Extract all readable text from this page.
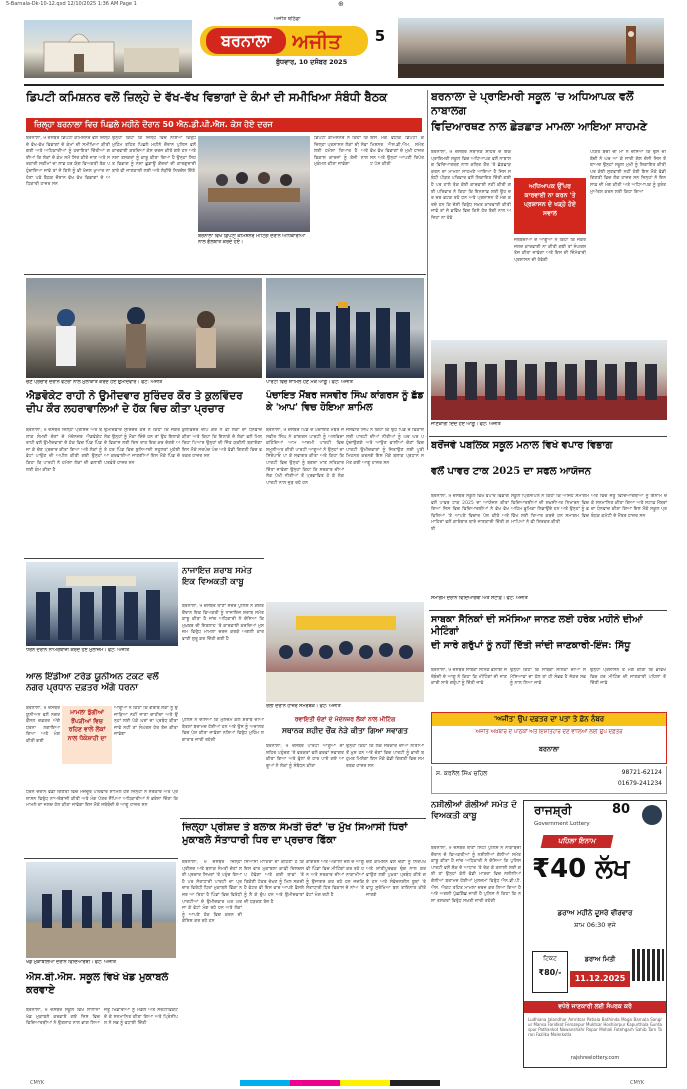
5-Barnala-Dk-10-12.qxd 12/10/2025 1:36 AM Page 1	⊕
ਅਜੀਤ ਬਠਿੰਡਾ
ਬਰਨਾਲਾ	ਅਜੀਤ
ਬੁੱਧਵਾਰ, 10 ਦਸੰਬਰ 2025
5
ਡਿਪਟੀ ਕਮਿਸ਼ਨਰ ਵਲੋਂ ਜ਼ਿਲ੍ਹੇ ਦੇ ਵੱਖ-ਵੱਖ ਵਿਭਾਗਾਂ ਦੇ ਕੰਮਾਂ ਦੀ ਸਮੀਖਿਆ ਸੰਬੰਧੀ ਬੈਠਕ
ਜ਼ਿਲ੍ਹਾ ਬਰਨਾਲਾ ਵਿਚ ਪਿਛਲੇ ਮਹੀਨੇ ਦੌਰਾਨ 50 ਐਨ.ਡੀ.ਪੀ.ਐਸ. ਕੇਸ ਹੋਏ ਦਰਜ
ਬਰਨਾਲਾ, 9 ਦਸੰਬਰ ਡਿਪਟੀ ਕਮਿਸ਼ਨਰ ਵਲੋਂ ਜ਼ਿਲ੍ਹੇ ਦੇ ਵੱਖ-ਵੱਖ ਵਿਭਾਗਾਂ ਦੇ ਕੰਮਾਂ ਦੀ ਸਮੀਖਿਆ ਕੀਤੀ ਗਈ ਅਤੇ ਅਧਿਕਾਰੀਆਂ ਨੂੰ ਹਦਾਇਤਾਂ ਦਿੱਤੀਆਂ ਗਈਆਂ ਕਿ ਲੋਕਾਂ ਦੇ ਕੰਮ ਸਮੇਂ ਸਿਰ ਕੀਤੇ ਜਾਣ ਅਤੇ ਸਰਕਾਰੀ ਸਕੀਮਾਂ ਦਾ ਲਾਭ ਹਰ ਯੋਗ ਵਿਅਕਤੀ ਤੱਕ ਪਹੁੰਚਾਇਆ ਜਾਵੇ ਤਾਂ ਜੋ ਕਿਸੇ ਨੂੰ ਵੀ ਖੱਜਲ ਖੁਆਰ ਨਾ ਹੋਣਾ ਪਵੇ ਬੈਠਕ ਦੌਰਾਨ ਵੱਖ ਵੱਖ ਵਿਭਾਗਾਂ ਦੇ ਅਧਿਕਾਰੀ ਹਾਜ਼ਰ ਸਨ
ਉਨ੍ਹਾਂ ਕਿਹਾ ਕਿ ਜ਼ਿਲ੍ਹੇ ਵਿਚ ਨਸ਼ਿਆਂ ਵਿਰੁੱਧ ਮੁਹਿੰਮ ਤਹਿਤ ਪਿਛਲੇ ਮਹੀਨੇ ਦੌਰਾਨ ਪੁਲਿਸ ਵਲੋਂ ਕਾਰਵਾਈ ਕਰਦਿਆਂ ਕੇਸ ਦਰਜ ਕੀਤੇ ਗਏ ਹਨ ਅਤੇ ਨਸ਼ਾ ਤਸਕਰਾਂ ਨੂੰ ਕਾਬੂ ਕੀਤਾ ਗਿਆ ਹੈ ਉਨ੍ਹਾਂ ਸਿਹਤ ਵਿਭਾਗ ਨੂੰ ਨਸ਼ਾ ਛੁਡਾਊ ਕੇਂਦਰਾਂ ਦੀ ਕਾਰਗੁਜ਼ਾਰੀ ਬਾਰੇ ਵੀ ਜਾਣਕਾਰੀ ਲਈ ਅਤੇ ਲੋੜੀਂਦੇ ਨਿਰਦੇਸ਼ ਦਿੱਤੇ
ਬਰਨਾਲਾ ਵਿਖੇ ਡਿਪਟੀ ਕਮਿਸ਼ਨਰ ਮੀਟਿੰਗ ਦੌਰਾਨ ਅਧਿਕਾਰੀਆਂ ਨਾਲ ਗੱਲਬਾਤ ਕਰਦੇ ਹੋਏ।
ਡਿਪਟੀ ਕਮਿਸ਼ਨਰ ਨੇ ਕਿਹਾ ਕਿ ਜ਼ਿਲ੍ਹਾ ਪ੍ਰਸ਼ਾਸਨ ਲੋਕਾਂ ਦੀ ਸੇਵਾ ਲਈ ਹਮੇਸ਼ਾ ਤਿਆਰ ਹੈ ਅਤੇ ਵਿਕਾਸ ਕਾਰਜਾਂ ਨੂੰ ਤੇਜ਼ੀ ਨਾਲ ਮੁਕੰਮਲ ਕੀਤਾ ਜਾਵੇਗਾ
ਇਸ ਮੌਕੇ ਵਧੀਕ ਡਿਪਟੀ ਕਮਿਸ਼ਨਰ ਐਸ.ਡੀ.ਐਮ. ਸਮੇਤ ਵੱਖ ਵੱਖ ਵਿਭਾਗਾਂ ਦੇ ਮੁਖੀ ਹਾਜ਼ਰ ਸਨ ਅਤੇ ਉਨ੍ਹਾਂ ਆਪਣੀ ਰਿਪੋਰਟ ਪੇਸ਼ ਕੀਤੀ
ਬਰਨਾਲਾ ਦੇ ਪ੍ਰਾਇਮਰੀ ਸਕੂਲ 'ਚ ਅਧਿਆਪਕ ਵਲੋਂ ਨਾਬਾਲਗ
ਵਿਦਿਆਰਥਣ ਨਾਲ ਛੇੜਛਾੜ ਮਾਮਲਾ ਆਇਆ ਸਾਹਮਣੇ
ਬਰਨਾਲਾ, 9 ਦਸੰਬਰ ਸਥਾਨਕ ਸ਼ਹਿਰ ਦੇ ਇਕ ਪ੍ਰਾਇਮਰੀ ਸਕੂਲ ਵਿਚ ਅਧਿਆਪਕ ਵਲੋਂ ਨਾਬਾਲਗ ਵਿਦਿਆਰਥਣ ਨਾਲ ਕਥਿਤ ਤੌਰ 'ਤੇ ਛੇੜਛਾੜ ਕਰਨ ਦਾ ਮਾਮਲਾ ਸਾਹਮਣੇ ਆਇਆ ਹੈ ਜਿਸ ਸਬੰਧੀ ਪੀੜਤ ਪਰਿਵਾਰ ਵਲੋਂ ਸ਼ਿਕਾਇਤ ਦਿੱਤੀ ਗਈ ਹੈ ਪਰ ਹਾਲੇ ਤੱਕ ਕੋਈ ਕਾਰਵਾਈ ਨਹੀਂ ਕੀਤੀ ਗਈ ਪਰਿਵਾਰ ਨੇ ਕਿਹਾ ਕਿ ਇਨਸਾਫ਼ ਲਈ ਉਹ ਦਰ ਦਰ ਭਟਕ ਰਹੇ ਹਨ ਅਤੇ ਪ੍ਰਸ਼ਾਸਨ ਤੋਂ ਮੰਗ ਕਰਦੇ ਹਨ ਕਿ ਦੋਸ਼ੀ ਵਿਰੁੱਧ ਸਖ਼ਤ ਕਾਰਵਾਈ ਕੀਤੀ ਜਾਵੇ ਤਾਂ ਜੋ ਭਵਿੱਖ ਵਿਚ ਕਿਸੇ ਹੋਰ ਬੱਚੀ ਨਾਲ ਅਜਿਹਾ ਨਾ ਹੋਵੇ
ਅਧਿਆਪਕ ਉੱਪਰ ਕਾਰਵਾਈ ਨਾ ਕਰਨ 'ਤੇ ਪ੍ਰਸ਼ਾਸਨ ਦੇ ਖੜ੍ਹੇ ਹੋਏ ਸਵਾਲ
ਜਥੇਬੰਦੀਆਂ ਦੇ ਆਗੂਆਂ ਨੇ ਕਿਹਾ ਕਿ ਜੇਕਰ ਜਲਦ ਕਾਰਵਾਈ ਨਾ ਕੀਤੀ ਗਈ ਤਾਂ ਸੰਘਰਸ਼ ਤੇਜ਼ ਕੀਤਾ ਜਾਵੇਗਾ ਅਤੇ ਇਸ ਦੀ ਜ਼ਿੰਮੇਵਾਰੀ ਪ੍ਰਸ਼ਾਸਨ ਦੀ ਹੋਵੇਗੀ
ਪੀੜਤ ਬੱਚੀ ਦੀ ਮਾਂ ਨੇ ਦੱਸਿਆ ਕਿ ਉਸ ਦੀ ਬੱਚੀ ਨੇ ਘਰ ਆ ਕੇ ਸਾਰੀ ਗੱਲ ਦੱਸੀ ਜਿਸ ਤੋਂ ਬਾਅਦ ਉਨ੍ਹਾਂ ਸਕੂਲ ਮੁਖੀ ਨੂੰ ਸ਼ਿਕਾਇਤ ਕੀਤੀ ਪਰ ਕੋਈ ਸੁਣਵਾਈ ਨਹੀਂ ਹੋਈ ਇਸ ਮੌਕੇ ਵੱਡੀ ਗਿਣਤੀ ਵਿਚ ਲੋਕ ਹਾਜ਼ਰ ਸਨ ਜਿਨ੍ਹਾਂ ਨੇ ਇਨਸਾਫ਼ ਦੀ ਮੰਗ ਕੀਤੀ ਅਤੇ ਅਧਿਆਪਕ ਨੂੰ ਤੁਰੰਤ ਮੁਅੱਤਲ ਕਰਨ ਲਈ ਕਿਹਾ ਗਿਆ
ਜਾਣਕਾਰੀ ਦਿੰਦੇ ਹੋਏ ਆਗੂ। ਫੋਟੋ: ਅਜੀਤ
ਚੋਣ ਪ੍ਰਚਾਰ ਦੌਰਾਨ ਵੋਟਰਾਂ ਨਾਲ ਮੁਲਾਕਾਤ ਕਰਦੇ ਹੋਏ ਉਮੀਦਵਾਰ। ਫੋਟੋ: ਅਜੀਤ	ਪਾਰਟੀ ਵਿਚ ਸ਼ਾਮਿਲ ਹੋਣ ਮੌਕੇ ਆਗੂ। ਫੋਟੋ: ਅਜੀਤ
ਐਡਵੋਕੇਟ ਰਾਹੀ ਨੇ ਉਮੀਦਵਾਰ ਸੁਰਿੰਦਰ ਕੌਰ ਤੇ ਕੁਲਵਿੰਦਰ ਦੀਪ ਕੌਰ ਲਹਰਾਵਾਲਿਆਂ ਦੇ ਹੱਕ ਵਿਚ ਕੀਤਾ ਪ੍ਰਚਾਰ
ਬਰਨਾਲਾ, 9 ਦਸੰਬਰ ਜ਼ਿਲ੍ਹਾ ਪ੍ਰੀਸ਼ਦ ਅਤੇ ਬਲਾਕ ਸੰਮਤੀ ਚੋਣਾਂ ਦੇ ਮੱਦੇਨਜ਼ਰ ਐਡਵੋਕੇਟ ਰਾਹੀ ਵਲੋਂ ਉਮੀਦਵਾਰਾਂ ਦੇ ਹੱਕ ਵਿਚ ਪਿੰਡ ਪਿੰਡ ਜਾ ਕੇ ਚੋਣ ਪ੍ਰਚਾਰ ਕੀਤਾ ਗਿਆ ਅਤੇ ਲੋਕਾਂ ਨੂੰ ਵੋਟਾਂ ਪਾਉਣ ਦੀ ਅਪੀਲ ਕੀਤੀ ਗਈ ਉਨ੍ਹਾਂ ਕਿਹਾ ਕਿ ਪਾਰਟੀ ਨੇ ਹਮੇਸ਼ਾ ਲੋਕਾਂ ਦੀ ਭਲਾਈ ਲਈ ਕੰਮ ਕੀਤਾ ਹੈ
ਉਮੀਦਵਾਰ ਸੁਰਿੰਦਰ ਕੌਰ ਨੇ ਕਿਹਾ ਕਿ ਜੇਕਰ ਲੋਕ ਉਨ੍ਹਾਂ ਨੂੰ ਮੌਕਾ ਦਿੰਦੇ ਹਨ ਤਾਂ ਉਹ ਇਲਾਕੇ ਦੇ ਵਿਕਾਸ ਲਈ ਦਿਨ ਰਾਤ ਇਕ ਕਰ ਦੇਣਗੇ ਅਤੇ ਹਰ ਪਿੰਡ ਵਿਚ ਬੁਨਿਆਦੀ ਸਹੂਲਤਾਂ ਮੁਹੱਈਆ ਕਰਵਾਈਆਂ ਜਾਣਗੀਆਂ ਇਸ ਮੌਕੇ ਪਿੰਡ ਦੇ ਪਤਵੰਤੇ ਹਾਜ਼ਰ ਸਨ
ਕੁਲਵਿੰਦਰ ਦੀਪ ਕੌਰ ਨੇ ਵੀ ਲੋਕਾਂ ਦਾ ਧੰਨਵਾਦ ਕੀਤਾ ਅਤੇ ਕਿਹਾ ਕਿ ਇਲਾਕੇ ਦੇ ਲੋਕਾਂ ਵਲੋਂ ਮਿਲ ਰਿਹਾ ਪਿਆਰ ਉਨ੍ਹਾਂ ਦੀ ਜਿੱਤ ਯਕੀਨੀ ਬਣਾਏਗਾ ਇਸ ਮੌਕੇ ਸਰਪੰਚ ਪੰਚ ਅਤੇ ਵੱਡੀ ਗਿਣਤੀ ਵਿਚ ਵਰਕਰ ਹਾਜ਼ਰ ਸਨ
ਪੰਚਾਇਤ ਮੈਂਬਰ ਜਸਵੀਰ ਸਿੰਘ ਕਾਂਗਰਸ ਨੂੰ ਛੱਡ ਕੇ 'ਆਪ' ਵਿਚ ਹੋਇਆ ਸ਼ਾਮਿਲ
ਬਰਨਾਲਾ, 9 ਦਸੰਬਰ ਪਿੰਡ ਦੇ ਪੰਚਾਇਤ ਮੈਂਬਰ ਜਸਵੀਰ ਸਿੰਘ ਨੇ ਕਾਂਗਰਸ ਪਾਰਟੀ ਨੂੰ ਅਲਵਿਦਾ ਕਹਿੰਦਿਆਂ ਆਮ ਆਦਮੀ ਪਾਰਟੀ ਵਿਚ ਸ਼ਮੂਲੀਅਤ ਕੀਤੀ ਪਾਰਟੀ ਆਗੂਆਂ ਨੇ ਉਨ੍ਹਾਂ ਦਾ ਸਿਰੋਪਾਓ ਪਾ ਕੇ ਸਵਾਗਤ ਕੀਤਾ ਅਤੇ ਕਿਹਾ ਕਿ ਪਾਰਟੀ ਵਿਚ ਉਨ੍ਹਾਂ ਨੂੰ ਬਣਦਾ ਮਾਣ ਸਤਿਕਾਰ ਦਿੱਤਾ ਜਾਵੇਗਾ ਉਨ੍ਹਾਂ ਕਿਹਾ ਕਿ ਸਰਕਾਰ ਦੀਆਂ ਲੋਕ ਪੱਖੀ ਨੀਤੀਆਂ ਤੋਂ ਪ੍ਰਭਾਵਿਤ ਹੋ ਕੇ ਲੋਕ ਪਾਰਟੀ ਨਾਲ ਜੁੜ ਰਹੇ ਹਨ
ਜਸਵੀਰ ਸਿੰਘ ਨੇ ਕਿਹਾ ਕਿ ਉਹ ਪਿੰਡ ਦੇ ਵਿਕਾਸ ਲਈ ਪਾਰਟੀ ਦੀਆਂ ਨੀਤੀਆਂ ਨੂੰ ਘਰ ਘਰ ਪਹੁੰਚਾਉਣਗੇ ਅਤੇ ਆਉਣ ਵਾਲੀਆਂ ਚੋਣਾਂ ਵਿਚ ਪਾਰਟੀ ਉਮੀਦਵਾਰਾਂ ਨੂੰ ਜਿਤਾਉਣ ਲਈ ਪੂਰੀ ਮਿਹਨਤ ਕਰਨਗੇ ਇਸ ਮੌਕੇ ਬਲਾਕ ਪ੍ਰਧਾਨ ਸਮੇਤ ਕਈ ਆਗੂ ਹਾਜ਼ਰ ਸਨ
ਬਰੋਂਜਵੇ ਪਬਲਿਕ ਸਕੂਲ ਮਨਾਲ ਵਿਖੇ ਵਪਾਰ ਵਿਭਾਗ
ਵਲੋਂ ਪਾਵਰ ਟਾਕ 2025 ਦਾ ਸਫਲ ਆਯੋਜਨ
ਬਰਨਾਲਾ, 9 ਦਸੰਬਰ ਸਕੂਲ ਵਿਖੇ ਵਪਾਰ ਵਿਭਾਗ ਵਲੋਂ ਪਾਵਰ ਟਾਕ 2025 ਦਾ ਆਯੋਜਨ ਕੀਤਾ ਗਿਆ ਜਿਸ ਵਿਚ ਵਿਦਿਆਰਥੀਆਂ ਨੇ ਵੱਖ ਵੱਖ ਵਿਸ਼ਿਆਂ 'ਤੇ ਆਪਣੇ ਵਿਚਾਰ ਪੇਸ਼ ਕੀਤੇ ਅਤੇ ਮਾਹਿਰਾਂ ਵਲੋਂ ਕਾਰੋਬਾਰ ਬਾਰੇ ਜਾਣਕਾਰੀ ਦਿੱਤੀ ਗਈ
ਸਕੂਲ ਪ੍ਰਿੰਸੀਪਲ ਨੇ ਕਿਹਾ ਕਿ ਅਜਿਹੇ ਸਮਾਗਮ ਵਿਦਿਆਰਥੀਆਂ ਦੀ ਸ਼ਖ਼ਸੀਅਤ ਨਿਖਾਰਨ ਵਿਚ ਅਹਿਮ ਭੂਮਿਕਾ ਨਿਭਾਉਂਦੇ ਹਨ ਅਤੇ ਉਨ੍ਹਾਂ ਨੂੰ ਭਵਿੱਖ ਲਈ ਤਿਆਰ ਕਰਦੇ ਹਨ ਸਮਾਗਮ ਵਿਚ ਮਾਪਿਆਂ ਨੇ ਵੀ ਸ਼ਿਰਕਤ ਕੀਤੀ
ਅੰਤ ਵਿਚ ਜੇਤੂ ਵਿਦਿਆਰਥੀਆਂ ਨੂੰ ਇਨਾਮ ਦੇ ਕੇ ਸਨਮਾਨਿਤ ਕੀਤਾ ਗਿਆ ਅਤੇ ਸਟਾਫ਼ ਮੈਂਬਰਾਂ ਦਾ ਧੰਨਵਾਦ ਕੀਤਾ ਗਿਆ ਇਸ ਮੌਕੇ ਸਕੂਲ ਪ੍ਰਬੰਧਕ ਕਮੇਟੀ ਦੇ ਮੈਂਬਰ ਹਾਜ਼ਰ ਸਨ
ਸਮਾਗਮ ਦੌਰਾਨ ਵਿਦਿਆਰਥੀ ਅਤੇ ਸਟਾਫ਼। ਫੋਟੋ: ਅਜੀਤ
ਨਾਜਾਇਜ਼ ਸ਼ਰਾਬ ਸਮੇਤ ਇਕ ਵਿਅਕਤੀ ਕਾਬੂ
ਬਰਨਾਲਾ, 9 ਦਸੰਬਰ ਥਾਣਾ ਸਦਰ ਪੁਲਿਸ ਨੇ ਗਸ਼ਤ ਦੌਰਾਨ ਇਕ ਵਿਅਕਤੀ ਨੂੰ ਨਾਜਾਇਜ਼ ਸ਼ਰਾਬ ਸਮੇਤ ਕਾਬੂ ਕੀਤਾ ਹੈ ਜਾਂਚ ਅਧਿਕਾਰੀ ਨੇ ਦੱਸਿਆ ਕਿ ਮੁਖ਼ਬਰ ਦੀ ਇਤਲਾਹ 'ਤੇ ਕਾਰਵਾਈ ਕਰਦਿਆਂ ਮੁਲਜ਼ਮ ਵਿਰੁੱਧ ਮਾਮਲਾ ਦਰਜ ਕਰਕੇ ਅਗਲੀ ਕਾਰਵਾਈ ਸ਼ੁਰੂ ਕਰ ਦਿੱਤੀ ਗਈ ਹੈ
ਧਰਨੇ ਦੌਰਾਨ ਨਾਅਰੇਬਾਜ਼ੀ ਕਰਦੇ ਹੋਏ ਮੁਲਾਜ਼ਮ। ਫੋਟੋ: ਅਜੀਤ
ਆਲ ਇੰਡੀਆ ਟਰੇਡ ਯੂਨੀਅਨ ਟਕਟ ਵਲੋਂ ਨਗਰ ਪ੍ਰਧਾਨ ਦਫ਼ਤਰ ਅੱਗੇ ਧਰਨਾ
ਮਾਮਲਾ ਝੁੱਗੀਆਂ ਝੌਂਪੜੀਆਂ ਵਿਚ ਰਹਿਣ ਵਾਲੇ ਲੋਕਾਂ ਨਾਲ ਧੱਕੇਸ਼ਾਹੀ ਦਾ
ਬਰਨਾਲਾ, 9 ਦਸੰਬਰ ਯੂਨੀਅਨ ਵਲੋਂ ਨਗਰ ਕੌਂਸਲ ਦਫ਼ਤਰ ਅੱਗੇ ਧਰਨਾ ਲਗਾਇਆ ਗਿਆ ਅਤੇ ਮੰਗ ਕੀਤੀ ਗਈ
ਆਗੂਆਂ ਨੇ ਕਿਹਾ ਕਿ ਗਰੀਬ ਲੋਕਾਂ ਨੂੰ ਉਜਾੜਿਆ ਨਹੀਂ ਜਾਣਾ ਚਾਹੀਦਾ ਅਤੇ ਉਨ੍ਹਾਂ ਲਈ ਪੱਕੇ ਘਰਾਂ ਦਾ ਪ੍ਰਬੰਧ ਕੀਤਾ ਜਾਵੇ ਨਹੀਂ ਤਾਂ ਸੰਘਰਸ਼ ਹੋਰ ਤੇਜ਼ ਕੀਤਾ ਜਾਵੇਗਾ
ਧਰਨੇ ਦੌਰਾਨ ਵੱਡੀ ਗਿਣਤੀ ਵਿਚ ਮਜ਼ਦੂਰ ਪਰਿਵਾਰ ਸ਼ਾਮਿਲ ਹੋਏ ਜਿਨ੍ਹਾਂ ਨੇ ਸਰਕਾਰ ਅਤੇ ਪ੍ਰਸ਼ਾਸਨ ਵਿਰੁੱਧ ਨਾਅਰੇਬਾਜ਼ੀ ਕੀਤੀ ਅਤੇ ਮੰਗ ਪੱਤਰ ਸੌਂਪਿਆ ਅਧਿਕਾਰੀਆਂ ਨੇ ਭਰੋਸਾ ਦਿੱਤਾ ਕਿ ਮਾਮਲੇ ਦਾ ਜਲਦ ਹੱਲ ਕੀਤਾ ਜਾਵੇਗਾ ਇਸ ਮੌਕੇ ਜਥੇਬੰਦੀ ਦੇ ਆਗੂ ਹਾਜ਼ਰ ਸਨ
ਪੁਲਿਸ ਨੇ ਦੱਸਿਆ ਕਿ ਮੁਲਜ਼ਮ ਕੋਲੋਂ ਸ਼ਰਾਬ ਦੀਆਂ ਬੋਤਲਾਂ ਬਰਾਮਦ ਹੋਈਆਂ ਹਨ ਅਤੇ ਉਸ ਨੂੰ ਅਦਾਲਤ ਵਿਚ ਪੇਸ਼ ਕੀਤਾ ਜਾਵੇਗਾ ਨਸ਼ਿਆਂ ਵਿਰੁੱਧ ਮੁਹਿੰਮ ਲਗਾਤਾਰ ਜਾਰੀ ਰਹੇਗੀ
ਰੈਲੀ ਦੌਰਾਨ ਹਾਜ਼ਰ ਸਮਰਥਕ। ਫੋਟੋ: ਅਜੀਤ
ਰਵਾਇਤੀ ਚੋਣਾਂ ਦੇ ਮੱਦੇਨਜ਼ਰ ਲੋਕਾਂ ਨਾਲ ਮੀਟਿੰਗ
ਸਥਾਨਕ ਸ਼ਹੀਦ ਚੌਂਕ ਨੇੜੇ ਕੀਤਾ ਗਿਆ ਸਵਾਗਤ
ਬਰਨਾਲਾ, 9 ਦਸੰਬਰ ਪਾਰਟੀ ਆਗੂਆਂ ਦਾ ਸ਼ਹਿਰ ਪਹੁੰਚਣ 'ਤੇ ਵਰਕਰਾਂ ਵਲੋਂ ਭਰਵਾਂ ਸਵਾਗਤ ਕੀਤਾ ਗਿਆ ਅਤੇ ਫੁੱਲਾਂ ਦੇ ਹਾਰ ਪਾਏ ਗਏ ਆਗੂਆਂ ਨੇ ਲੋਕਾਂ ਨੂੰ ਸੰਬੋਧਨ ਕੀਤਾ
ਉਨ੍ਹਾਂ ਕਿਹਾ ਕਿ ਲੋਕ ਸਰਕਾਰ ਦੀਆਂ ਨੀਤੀਆਂ ਤੋਂ ਖੁਸ਼ ਹਨ ਅਤੇ ਚੋਣਾਂ ਵਿਚ ਪਾਰਟੀ ਨੂੰ ਭਾਰੀ ਬਹੁਮਤ ਮਿਲੇਗਾ ਇਸ ਮੌਕੇ ਵੱਡੀ ਗਿਣਤੀ ਵਿਚ ਸਮਰਥਕ ਹਾਜ਼ਰ ਸਨ
ਸਾਬਕਾ ਸੈਨਿਕਾਂ ਦੀ ਸਮੱਸਿਆ ਜਾਨਣ ਲਈ ਹਰੇਕ ਮਹੀਨੇ ਦੀਆਂ ਮੀਟਿੰਗਾਂ
ਦੀ ਸਾਰੇ ਗਰੁੱਪਾਂ ਨੂੰ ਨਹੀਂ ਦਿੱਤੀ ਜਾਂਦੀ ਜਾਣਕਾਰੀ-ਇੰਜ: ਸਿੱਧੂ
ਬਰਨਾਲਾ, 9 ਦਸੰਬਰ ਸਾਬਕਾ ਸੈਨਿਕ ਭਲਾਈ ਜਥੇਬੰਦੀ ਦੇ ਆਗੂ ਨੇ ਕਿਹਾ ਕਿ ਮੀਟਿੰਗਾਂ ਦੀ ਜਾਣਕਾਰੀ ਸਾਰੇ ਗਰੁੱਪਾਂ ਨੂੰ ਦਿੱਤੀ ਜਾਵੇ
ਉਨ੍ਹਾਂ ਕਿਹਾ ਕਿ ਸਾਬਕਾ ਸੈਨਿਕਾਂ ਦੀਆਂ ਸਮੱਸਿਆਵਾਂ ਦਾ ਹੱਲ ਤਾਂ ਹੀ ਸੰਭਵ ਹੈ ਜੇਕਰ ਸਭ ਨੂੰ ਨਾਲ ਲਿਆ ਜਾਵੇ
ਉਨ੍ਹਾਂ ਪ੍ਰਸ਼ਾਸਨ ਤੋਂ ਮੰਗ ਕੀਤੀ ਕਿ ਭਵਿੱਖ ਵਿਚ ਹਰ ਮੀਟਿੰਗ ਦੀ ਜਾਣਕਾਰੀ ਪਹਿਲਾਂ ਤੋਂ ਦਿੱਤੀ ਜਾਵੇ
'ਅਜੀਤ' ਉਪ ਦਫ਼ਤਰ ਦਾ ਪਤਾ ਤੇ ਫ਼ੋਨ ਨੰਬਰ
ਅਜੀਤ ਅਖ਼ਬਾਰ ਦੇ ਪਾਠਕਾਂ ਅਤੇ ਇਸ਼ਤਿਹਾਰ ਦੇਣ ਵਾਲਿਆਂ ਲਈ ਉਪ ਦਫ਼ਤਰ
ਬਰਨਾਲਾ
ਸ. ਕਰਨੈਲ ਸਿੰਘ ਚਹਿਲ	98721-62124
01679-241234
ਜ਼ਿਲ੍ਹਾ ਪ੍ਰੀਸ਼ਦ ਤੇ ਬਲਾਕ ਸੰਮਤੀ ਚੋਣਾਂ 'ਚ ਮੁੱਖ ਸਿਆਸੀ ਧਿਰਾਂ ਮੁਕਾਬਲੇ ਸੱਤਾਧਾਰੀ ਧਿਰ ਦਾ ਪ੍ਰਚਾਰ ਫਿੱਕਾ
ਬਰਨਾਲਾ, 9 ਦਸੰਬਰ ਜ਼ਿਲ੍ਹਾ ਪ੍ਰੀਸ਼ਦ ਅਤੇ ਬਲਾਕ ਸੰਮਤੀ ਚੋਣਾਂ ਲਈ ਪ੍ਰਚਾਰ ਸਿਖਰਾਂ 'ਤੇ ਪਹੁੰਚ ਗਿਆ ਹੈ ਪਰ ਸੱਤਾਧਾਰੀ ਪਾਰਟੀ ਦਾ ਪ੍ਰਚਾਰ ਵਿਰੋਧੀ ਧਿਰਾਂ ਮੁਕਾਬਲੇ ਫਿੱਕਾ ਨਜ਼ਰ ਆ ਰਿਹਾ ਹੈ ਪਿੰਡਾਂ ਵਿਚ ਵਿਰੋਧੀ ਪਾਰਟੀਆਂ ਦੇ ਉਮੀਦਵਾਰ ਘਰ ਘਰ ਜਾ ਕੇ ਵੋਟਾਂ ਮੰਗ ਰਹੇ ਹਨ ਅਤੇ ਲੋਕਾਂ ਨੂੰ ਆਪਣੇ ਹੱਕ ਵਿਚ ਕਰਨ ਦੀ ਕੋਸ਼ਿਸ਼ ਕਰ ਰਹੇ ਹਨ
ਸਿਆਸੀ ਮਾਹਿਰਾਂ ਦਾ ਕਹਿਣਾ ਹੈ ਕਿ ਇਸ ਵਾਰ ਮੁਕਾਬਲਾ ਕਾਫ਼ੀ ਦਿਲਚਸਪ ਹੋਵੇਗਾ ਅਤੇ ਕਈ ਥਾਵਾਂ 'ਤੇ ਤਿਕੋਣੀ ਟੱਕਰ ਦੇਖਣ ਨੂੰ ਮਿਲ ਸਕਦੀ ਹੈ ਵੋਟਰ ਵੀ ਇਸ ਵਾਰ ਆਪਣੇ ਫ਼ੈਸਲੇ ਨੂੰ ਲੈ ਕੇ ਚੁੱਪ ਹਨ ਅਤੇ ਉਮੀਦਵਾਰਾਂ ਦੀ ਧੜਕਣ ਤੇਜ਼ ਹੈ
ਕਾਂਗਰਸ ਅਤੇ ਅਕਾਲੀ ਦਲ ਦੇ ਆਗੂ ਵੀ ਪਿੰਡਾਂ ਵਿਚ ਮੀਟਿੰਗਾਂ ਕਰ ਰਹੇ ਹਨ ਅਤੇ ਸਰਕਾਰ ਦੀਆਂ ਨਾਕਾਮੀਆਂ ਨੂੰ ਉਜਾਗਰ ਕਰ ਰਹੇ ਹਨ ਜਦਕਿ ਸੱਤਾਧਾਰੀ ਧਿਰ ਵਿਕਾਸ ਦੇ ਨਾਂਅ 'ਤੇ ਵੋਟਾਂ ਮੰਗ ਰਹੀ ਹੈ
ਚੋਣ ਕਮਿਸ਼ਨ ਵਲੋਂ ਚੋਣਾਂ ਨੂੰ ਨਿਰਪੱਖ ਅਤੇ ਸ਼ਾਂਤੀਪੂਰਵਕ ਢੰਗ ਨਾਲ ਕਰਵਾਉਣ ਲਈ ਪੁਖ਼ਤਾ ਪ੍ਰਬੰਧ ਕੀਤੇ ਗਏ ਹਨ ਅਤੇ ਸੰਵੇਦਨਸ਼ੀਲ ਬੂਥਾਂ 'ਤੇ ਵਾਧੂ ਸੁਰੱਖਿਆ ਬਲ ਤਾਇਨਾਤ ਕੀਤੇ ਜਾਣਗੇ
ਨਸ਼ੀਲੀਆਂ ਗੋਲੀਆਂ ਸਮੇਤ ਦੋ ਵਿਅਕਤੀ ਕਾਬੂ
ਬਰਨਾਲਾ, 9 ਦਸੰਬਰ ਥਾਣਾ ਸਿਟੀ ਪੁਲਿਸ ਨੇ ਨਾਕਾਬੰਦੀ ਦੌਰਾਨ ਦੋ ਵਿਅਕਤੀਆਂ ਨੂੰ ਨਸ਼ੀਲੀਆਂ ਗੋਲੀਆਂ ਸਮੇਤ ਕਾਬੂ ਕੀਤਾ ਹੈ ਜਾਂਚ ਅਧਿਕਾਰੀ ਨੇ ਦੱਸਿਆ ਕਿ ਪੁਲਿਸ ਪਾਰਟੀ ਵਲੋਂ ਸ਼ੱਕ ਦੇ ਆਧਾਰ 'ਤੇ ਰੋਕ ਕੇ ਤਲਾਸ਼ੀ ਲਈ ਗਈ ਤਾਂ ਉਨ੍ਹਾਂ ਕੋਲੋਂ ਵੱਡੀ ਮਾਤਰਾ ਵਿਚ ਨਸ਼ੀਲੀਆਂ ਗੋਲੀਆਂ ਬਰਾਮਦ ਹੋਈਆਂ ਮੁਲਜ਼ਮਾਂ ਵਿਰੁੱਧ ਐਨ.ਡੀ.ਪੀ.ਐਸ. ਐਕਟ ਤਹਿਤ ਮਾਮਲਾ ਦਰਜ ਕਰ ਲਿਆ ਗਿਆ ਹੈ ਅਤੇ ਅਗਲੀ ਪੁੱਛਗਿੱਛ ਜਾਰੀ ਹੈ ਪੁਲਿਸ ਨੇ ਕਿਹਾ ਕਿ ਨਸ਼ਾ ਤਸਕਰਾਂ ਵਿਰੁੱਧ ਸਖ਼ਤੀ ਜਾਰੀ ਰਹੇਗੀ
ਖੇਡ ਮੁਕਾਬਲਿਆਂ ਦੌਰਾਨ ਵਿਦਿਆਰਥੀ। ਫੋਟੋ: ਅਜੀਤ
ਐਸ.ਬੀ.ਐਸ. ਸਕੂਲ ਵਿਖੇ ਖੇਡ ਮੁਕਾਬਲੇ ਕਰਵਾਏ
ਬਰਨਾਲਾ, 9 ਦਸੰਬਰ ਸਕੂਲ ਵਿਖੇ ਸਾਲਾਨਾ ਖੇਡ ਮੁਕਾਬਲੇ ਕਰਵਾਏ ਗਏ ਜਿਸ ਵਿਚ ਵਿਦਿਆਰਥੀਆਂ ਨੇ ਉਤਸ਼ਾਹ ਨਾਲ ਭਾਗ ਲਿਆ
ਜੇਤੂ ਖਿਡਾਰੀਆਂ ਨੂੰ ਮੈਡਲ ਅਤੇ ਸਰਟੀਫਿਕੇਟ ਦੇ ਕੇ ਸਨਮਾਨਿਤ ਕੀਤਾ ਗਿਆ ਅਤੇ ਪ੍ਰਿੰਸੀਪਲ ਨੇ ਸਭ ਨੂੰ ਵਧਾਈ ਦਿੱਤੀ
ਰਾਜਸ਼੍ਰੀ	80
Government Lottery
ਪਹਿਲਾ ਇਨਾਮ
₹40 ਲੱਖ
ਡਰਾਅ ਮਹੀਨੇ ਦੂਸਰੇ ਵੀਰਵਾਰ
ਸ਼ਾਮ 06:30 ਵਜੇ
ਟਿਕਟ
₹80/-
ਡਰਾਅ ਮਿਤੀ
11.12.2025
ਵਧੇਰੇ ਜਾਣਕਾਰੀ ਲਈ ਸੰਪਰਕ ਕਰੋ
Ludhiana Jalandhar Amritsar Patiala Bathinda Moga Barnala Sangrur Mansa Faridkot Ferozepur Muktsar Hoshiarpur Kapurthala Gurdaspur Pathankot Nawanshahr Ropar Mohali Fatehgarh Sahib Tarn Taran Fazilka Malerkotla
rajshreelottery.com
CMYK	CMYK
